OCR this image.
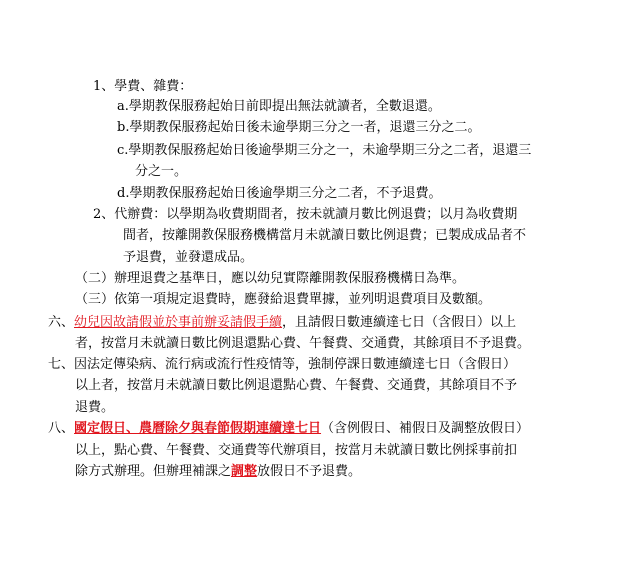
1、學費、雜費：
a.學期教保服務起始日前即提出無法就讀者，全數退還。
b.學期教保服務起始日後未逾學期三分之一者，退還三分之二。
c.學期教保服務起始日後逾學期三分之一，未逾學期三分之二者，退還三
分之一。
d.學期教保服務起始日後逾學期三分之二者，不予退費。
2、代辦費：以學期為收費期間者，按未就讀月數比例退費；以月為收費期
間者，按離開教保服務機構當月未就讀日數比例退費；已製成成品者不
予退費，並發還成品。
（二）辦理退費之基準日，應以幼兒實際離開教保服務機構日為準。
（三）依第一項規定退費時，應發給退費單據，並列明退費項目及數額。
六、幼兒因故請假並於事前辦妥請假手續，且請假日數連續達七日（含假日）以上
者，按當月未就讀日數比例退還點心費、午餐費、交通費，其餘項目不予退費。
七、因法定傳染病、流行病或流行性疫情等，強制停課日數連續達七日（含假日）
以上者，按當月未就讀日數比例退還點心費、午餐費、交通費，其餘項目不予
退費。
八、國定假日、農曆除夕與春節假期連續達七日（含例假日、補假日及調整放假日）
以上，點心費、午餐費、交通費等代辦項目，按當月未就讀日數比例採事前扣
除方式辦理。但辦理補課之調整放假日不予退費。
